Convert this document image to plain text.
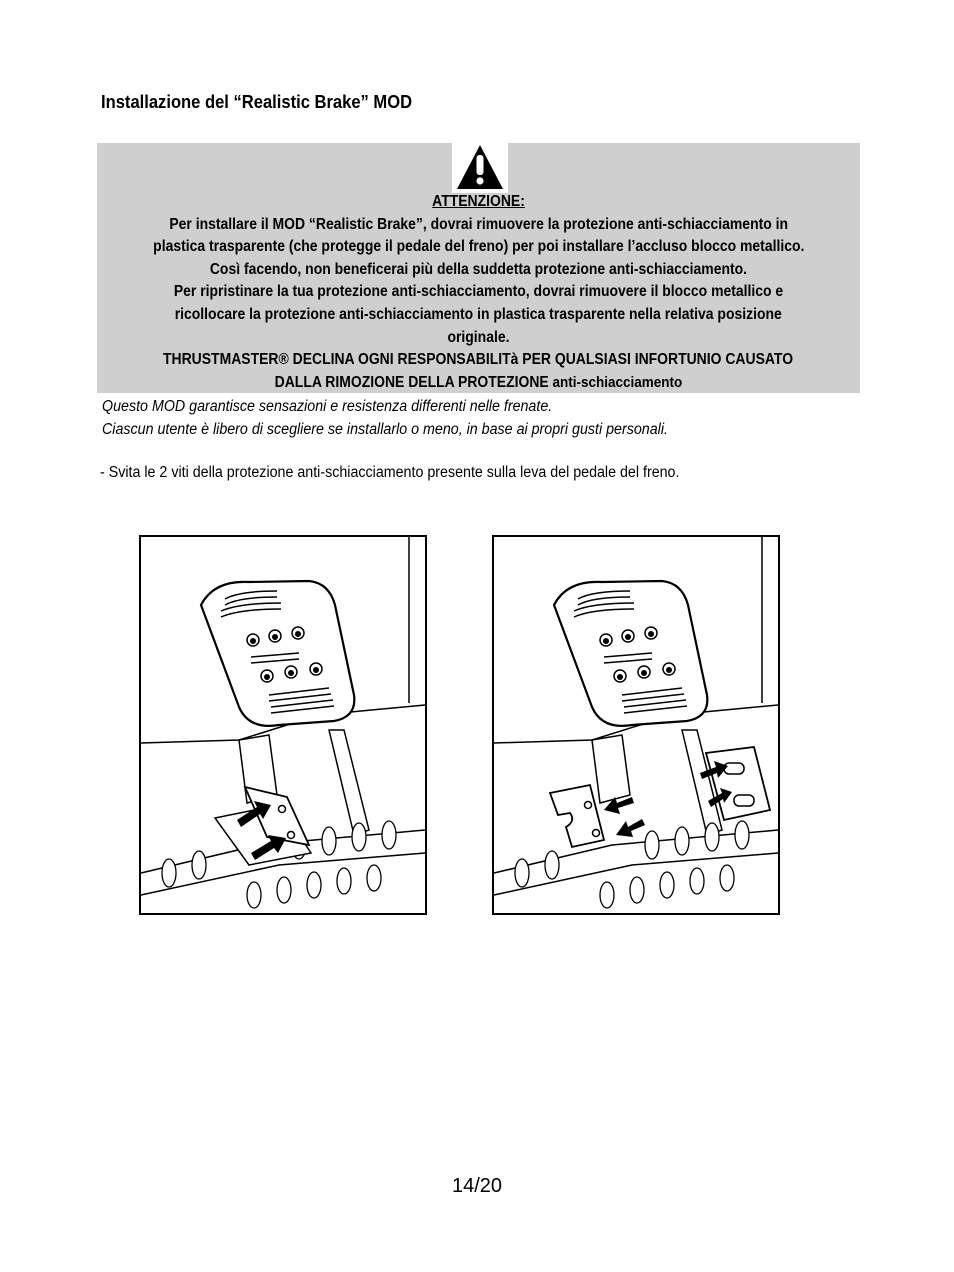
Installazione del “Realistic Brake” MOD
ATTENZIONE:
Per installare il MOD “Realistic Brake”, dovrai rimuovere la protezione anti-schiacciamento in
plastica trasparente (che protegge il pedale del freno) per poi installare l’accluso blocco metallico.
Così facendo, non beneficerai più della suddetta protezione anti-schiacciamento.
Per ripristinare la tua protezione anti-schiacciamento, dovrai rimuovere il blocco metallico e
ricollocare la protezione anti-schiacciamento in plastica trasparente nella relativa posizione
originale.
THRUSTMASTER® DECLINA OGNI RESPONSABILITà PER QUALSIASI INFORTUNIO CAUSATO
DALLA RIMOZIONE DELLA PROTEZIONE anti-schiacciamento

Questo MOD garantisce sensazioni e resistenza differenti nelle frenate.

Ciascun utente è libero di scegliere se installarlo o meno, in base ai propri gusti personali.

- Svita le 2 viti della protezione anti-schiacciamento presente sulla leva del pedale del freno.

14/20
